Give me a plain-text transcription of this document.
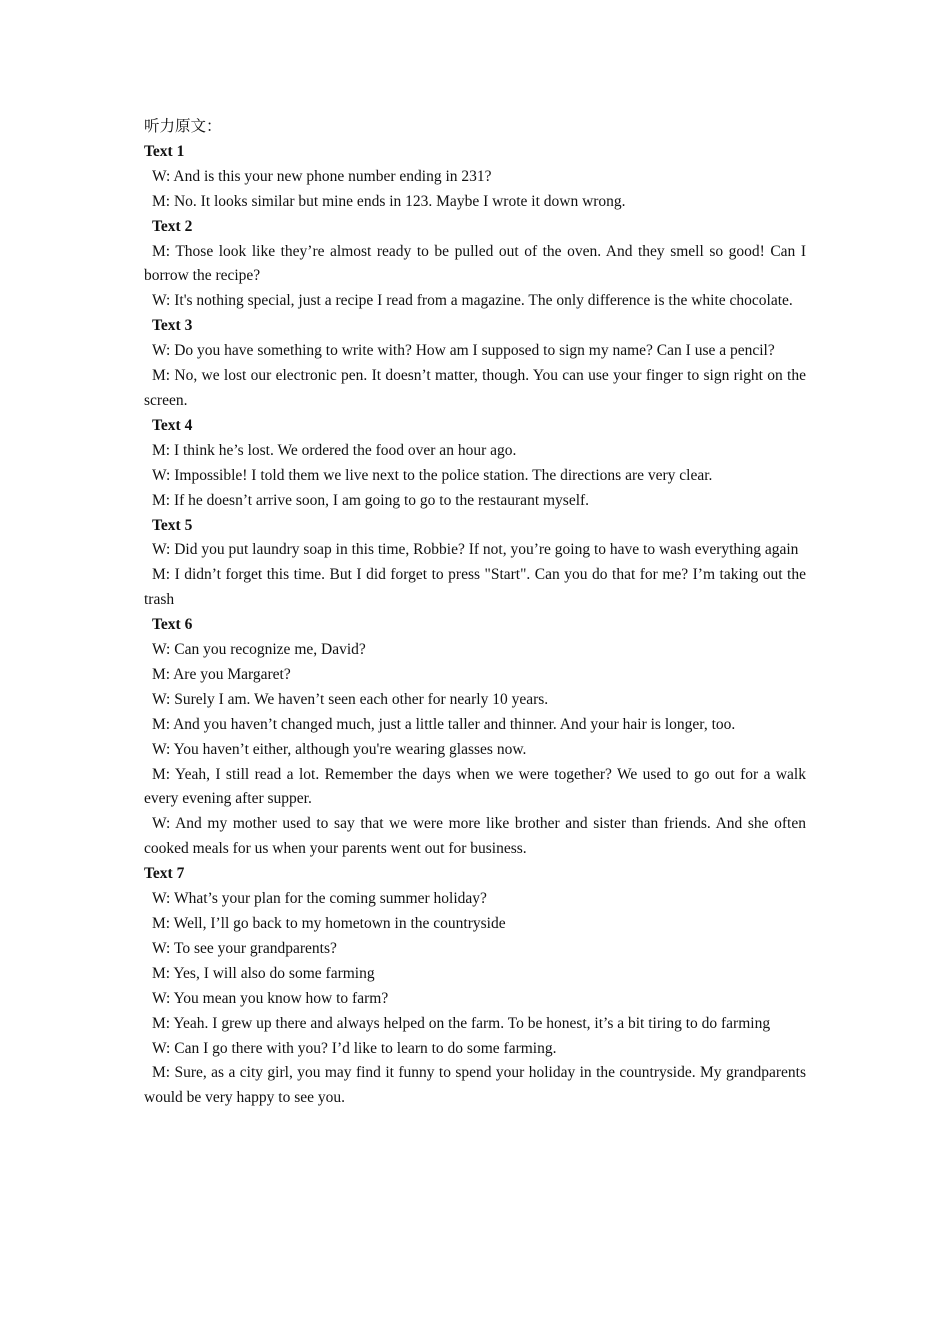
听力原文：
Text 1
W: And is this your new phone number ending in 231?
M: No. It looks similar but mine ends in 123. Maybe I wrote it down wrong.
Text 2
M: Those look like they’re almost ready to be pulled out of the oven. And they smell so good! Can I borrow the recipe?
W: It's nothing special, just a recipe I read from a magazine. The only difference is the white chocolate.
Text 3
W: Do you have something to write with? How am I supposed to sign my name? Can I use a pencil?
M: No, we lost our electronic pen. It doesn’t matter, though. You can use your finger to sign right on the screen.
Text 4
M: I think he’s lost. We ordered the food over an hour ago.
W: Impossible! I told them we live next to the police station. The directions are very clear.
M: If he doesn’t arrive soon, I am going to go to the restaurant myself.
Text 5
W: Did you put laundry soap in this time, Robbie? If not, you’re going to have to wash everything again
M: I didn’t forget this time. But I did forget to press "Start". Can you do that for me? I’m taking out the trash
Text 6
W: Can you recognize me, David?
M: Are you Margaret?
W: Surely I am. We haven’t seen each other for nearly 10 years.
M: And you haven’t changed much, just a little taller and thinner. And your hair is longer, too.
W: You haven’t either, although you're wearing glasses now.
M: Yeah, I still read a lot. Remember the days when we were together? We used to go out for a walk every evening after supper.
W: And my mother used to say that we were more like brother and sister than friends. And she often cooked meals for us when your parents went out for business.
Text 7
W: What’s your plan for the coming summer holiday?
M: Well, I’ll go back to my hometown in the countryside
W: To see your grandparents?
M: Yes, I will also do some farming
W: You mean you know how to farm?
M: Yeah. I grew up there and always helped on the farm. To be honest, it’s a bit tiring to do farming
W: Can I go there with you? I’d like to learn to do some farming.
M: Sure, as a city girl, you may find it funny to spend your holiday in the countryside. My grandparents would be very happy to see you.
